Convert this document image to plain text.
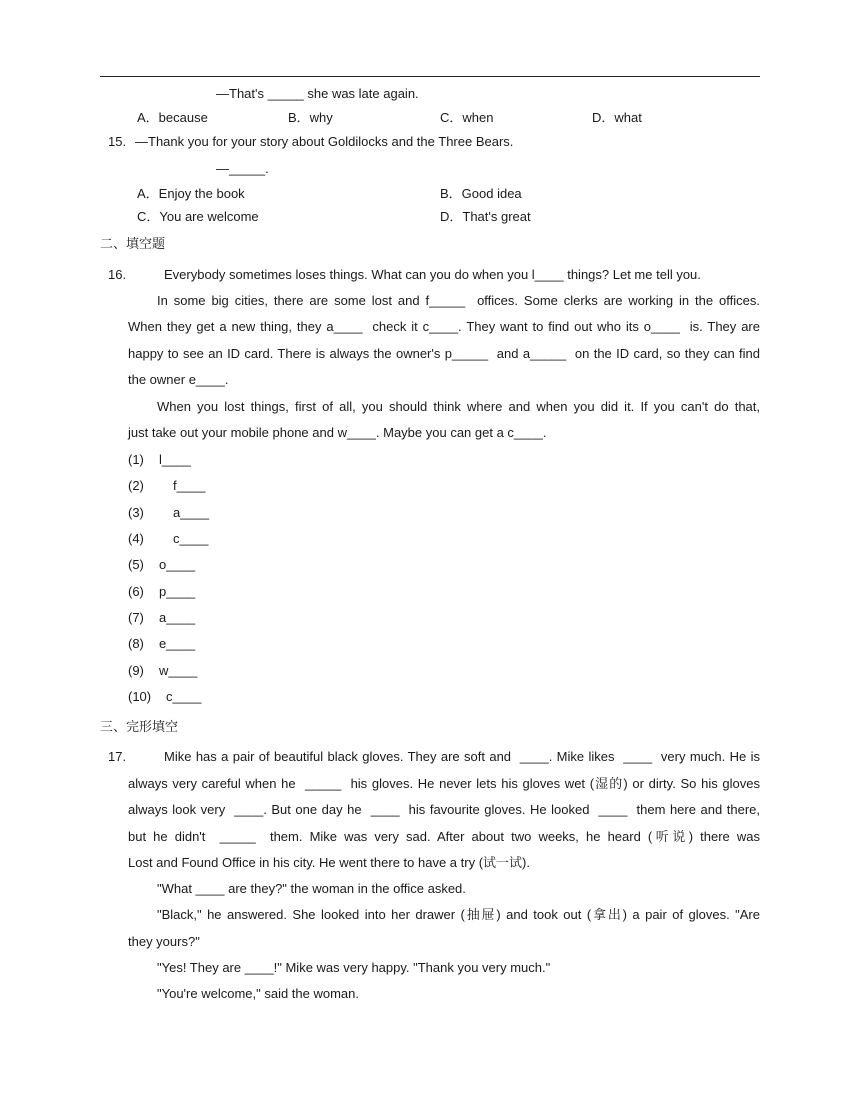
—That's _____ she was late again.
A．because	B．why	C．when	D．what
15. —Thank you for your story about Goldilocks and the Three Bears.
—_____.
A．Enjoy the book	B．Good idea
C．You are welcome	D．That's great
二、填空题
16.	Everybody sometimes loses things. What can you do when you l____ things? Let me tell you.
In some big cities, there are some lost and f_____  offices. Some clerks are working in the offices.
When they get a new thing, they a____  check it c____. They want to find out who its o____  is. They are
happy to see an ID card. There is always the owner's p_____  and a_____  on the ID card, so they can find
the owner e____.
When you lost things, first of all, you should think where and when you did it. If you can't do that,
just take out your mobile phone and w____. Maybe you can get a c____.
(1) l____
(2) f____
(3) a____
(4) c____
(5) o____
(6) p____
(7) a____
(8) e____
(9) w____
(10) c____
三、完形填空
17.	Mike has a pair of beautiful black gloves. They are soft and  ____. Mike likes  ____  very much. He is
always very careful when he  _____  his gloves. He never lets his gloves wet (湿的) or dirty. So his gloves
always look very  ____. But one day he  ____  his favourite gloves. He looked  ____  them here and there,
but he didn't  _____  them. Mike was very sad. After about two weeks, he heard (听说) there was
Lost and Found Office in his city. He went there to have a try (试一试).
"What ____ are they?" the woman in the office asked.
"Black," he answered. She looked into her drawer (抽屉) and took out (拿出) a pair of gloves. "Are
they yours?"
"Yes! They are ____!" Mike was very happy. "Thank you very much."
"You're welcome," said the woman.
